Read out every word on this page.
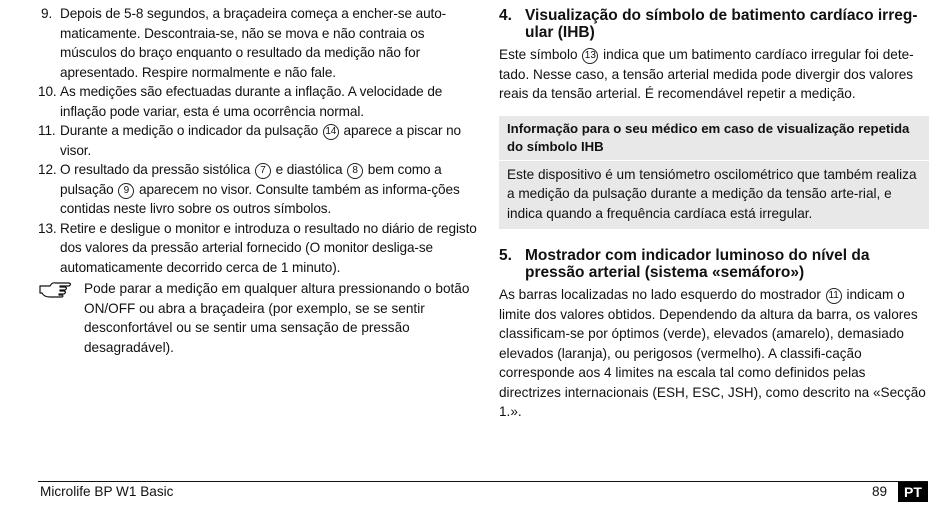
9. Depois de 5-8 segundos, a braçadeira começa a encher-se auto-maticamente. Descontraia-se, não se mova e não contraia os músculos do braço enquanto o resultado da medição não for apresentado. Respire normalmente e não fale.
10. As medições são efectuadas durante a inflação. A velocidade de inflação pode variar, esta é uma ocorrência normal.
11. Durante a medição o indicador da pulsação 14 aparece a piscar no visor.
12. O resultado da pressão sistólica 7 e diastólica 8 bem como a pulsação 9 aparecem no visor. Consulte também as informa-ções contidas neste livro sobre os outros símbolos.
13. Retire e desligue o monitor e introduza o resultado no diário de registo dos valores da pressão arterial fornecido (O monitor desliga-se automaticamente decorrido cerca de 1 minuto).
Pode parar a medição em qualquer altura pressionando o botão ON/OFF ou abra a braçadeira (por exemplo, se se sentir desconfortável ou se sentir uma sensação de pressão desagradável).
4. Visualização do símbolo de batimento cardíaco irreg-ular (IHB)

Este símbolo 13 indica que um batimento cardíaco irregular foi dete-tado. Nesse caso, a tensão arterial medida pode divergir dos valores reais da tensão arterial. É recomendável repetir a medição.

Informação para o seu médico em caso de visualização repetida do símbolo IHB
Este dispositivo é um tensiómetro oscilométrico que também realiza a medição da pulsação durante a medição da tensão arte-rial, e indica quando a frequência cardíaca está irregular.
5. Mostrador com indicador luminoso do nível da pressão arterial (sistema «semáforo»)

As barras localizadas no lado esquerdo do mostrador 11 indicam o limite dos valores obtidos. Dependendo da altura da barra, os valores classificam-se por óptimos (verde), elevados (amarelo), demasiado elevados (laranja), ou perigosos (vermelho). A classifi-cação corresponde aos 4 limites na escala tal como definidos pelas directrizes internacionais (ESH, ESC, JSH), como descrito na «Secção 1.».

Microlife BP W1 Basic	89	PT
